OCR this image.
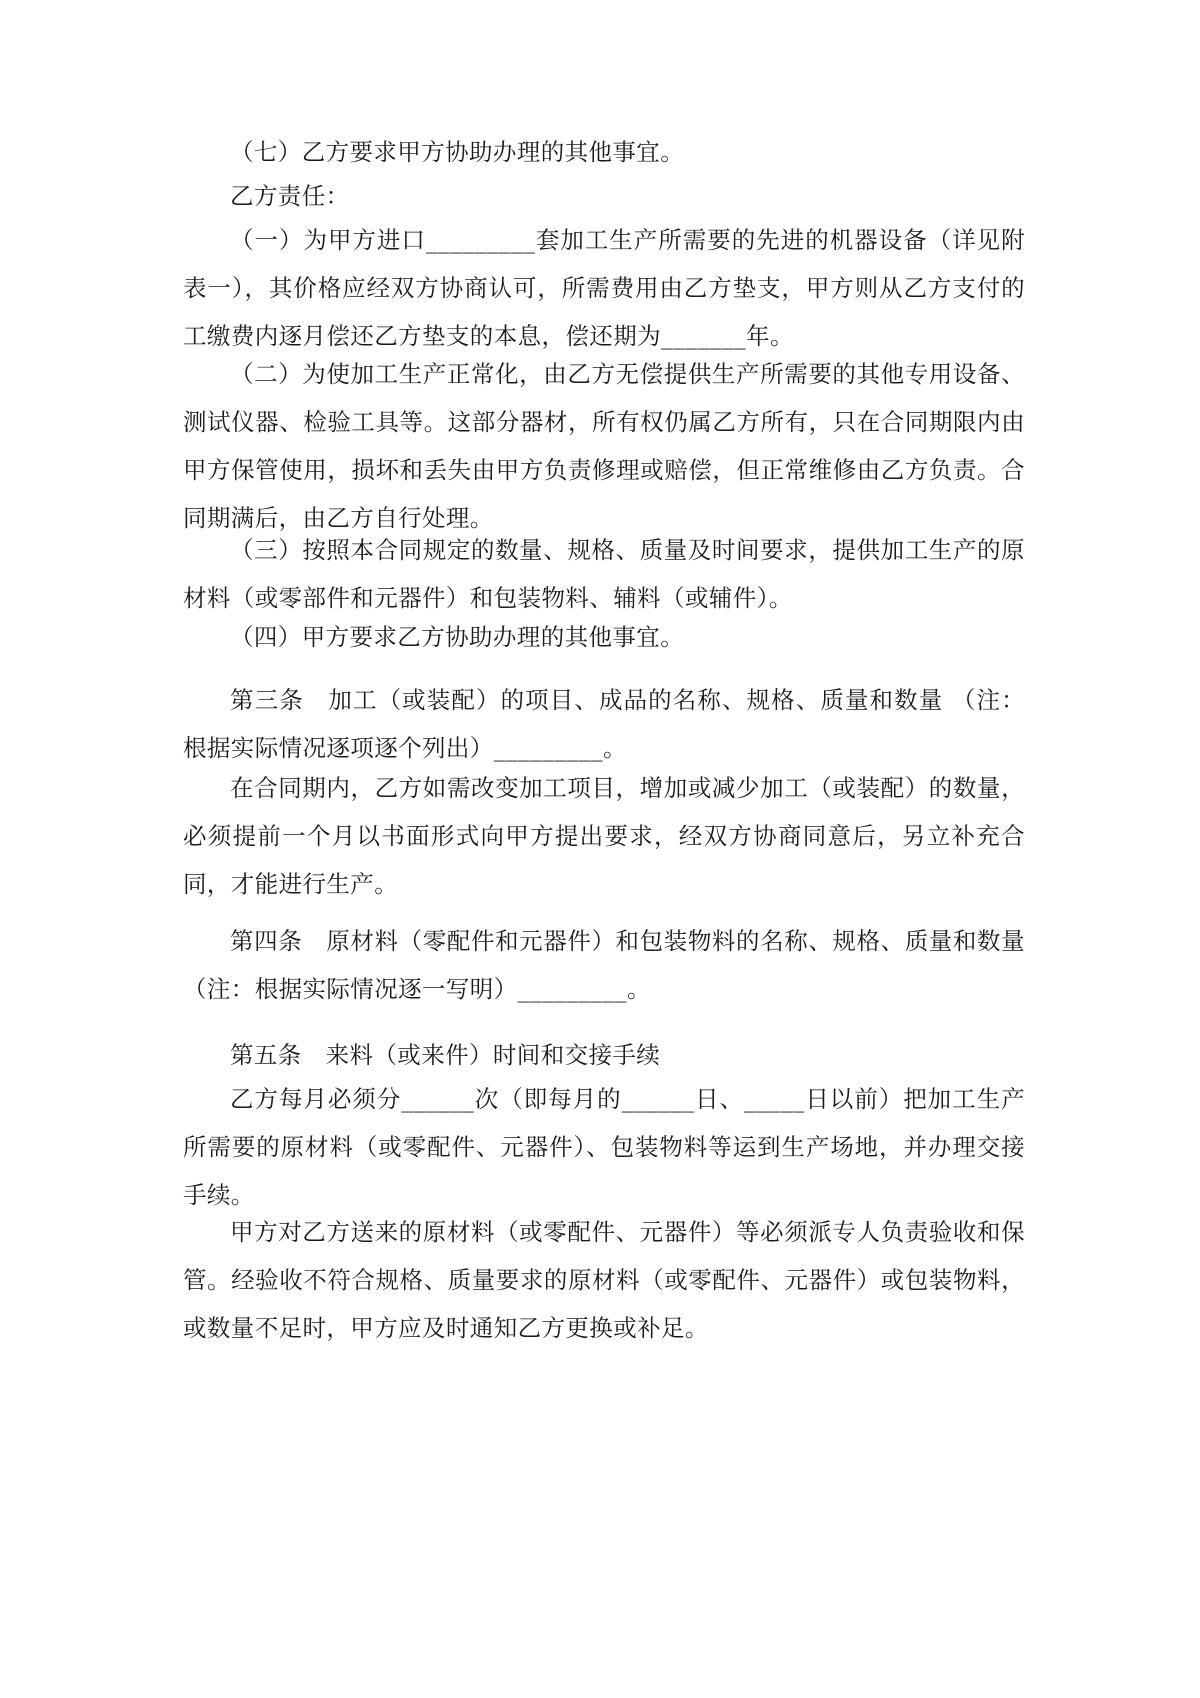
（七）乙方要求甲方协助办理的其他事宜。

乙方责任：

（一）为甲方进口_________套加工生产所需要的先进的机器设备（详见附表一），其价格应经双方协商认可，所需费用由乙方垫支，甲方则从乙方支付的工缴费内逐月偿还乙方垫支的本息，偿还期为_______年。

（二）为使加工生产正常化，由乙方无偿提供生产所需要的其他专用设备、测试仪器、检验工具等。这部分器材，所有权仍属乙方所有，只在合同期限内由甲方保管使用，损坏和丢失由甲方负责修理或赔偿，但正常维修由乙方负责。合同期满后，由乙方自行处理。

（三）按照本合同规定的数量、规格、质量及时间要求，提供加工生产的原材料（或零部件和元器件）和包装物料、辅料（或辅件）。

（四）甲方要求乙方协助办理的其他事宜。

第三条　加工（或装配）的项目、成品的名称、规格、质量和数量 （注：根据实际情况逐项逐个列出）_________。

在合同期内，乙方如需改变加工项目，增加或减少加工（或装配）的数量，必须提前一个月以书面形式向甲方提出要求，经双方协商同意后，另立补充合同，才能进行生产。

第四条　原材料（零配件和元器件）和包装物料的名称、规格、质量和数量（注：根据实际情况逐一写明）_________。

第五条　来料（或来件）时间和交接手续

乙方每月必须分______次（即每月的______日、_____日以前）把加工生产所需要的原材料（或零配件、元器件）、包装物料等运到生产场地，并办理交接手续。

甲方对乙方送来的原材料（或零配件、元器件）等必须派专人负责验收和保管。经验收不符合规格、质量要求的原材料（或零配件、元器件）或包装物料，或数量不足时，甲方应及时通知乙方更换或补足。
